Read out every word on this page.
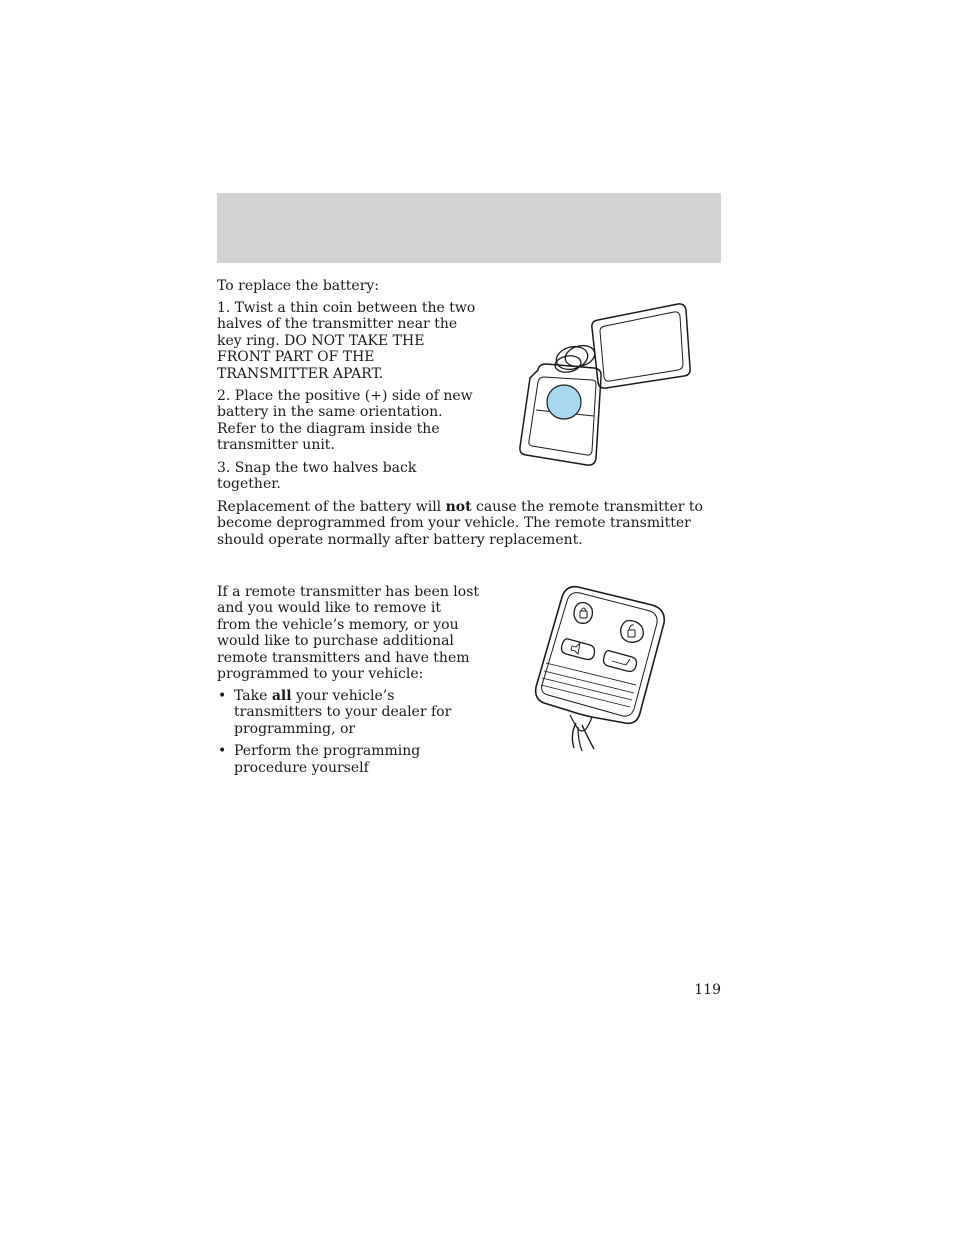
To replace the battery:

1. Twist a thin coin between the two halves of the transmitter near the key ring. DO NOT TAKE THE FRONT PART OF THE TRANSMITTER APART.
2. Place the positive (+) side of new battery in the same orientation. Refer to the diagram inside the transmitter unit.
3. Snap the two halves back together.

Replacement of the battery will not cause the remote transmitter to become deprogrammed from your vehicle. The remote transmitter should operate normally after battery replacement.

If a remote transmitter has been lost and you would like to remove it from the vehicle’s memory, or you would like to purchase additional remote transmitters and have them programmed to your vehicle:

• Take all your vehicle’s transmitters to your dealer for programming, or
• Perform the programming procedure yourself
119
